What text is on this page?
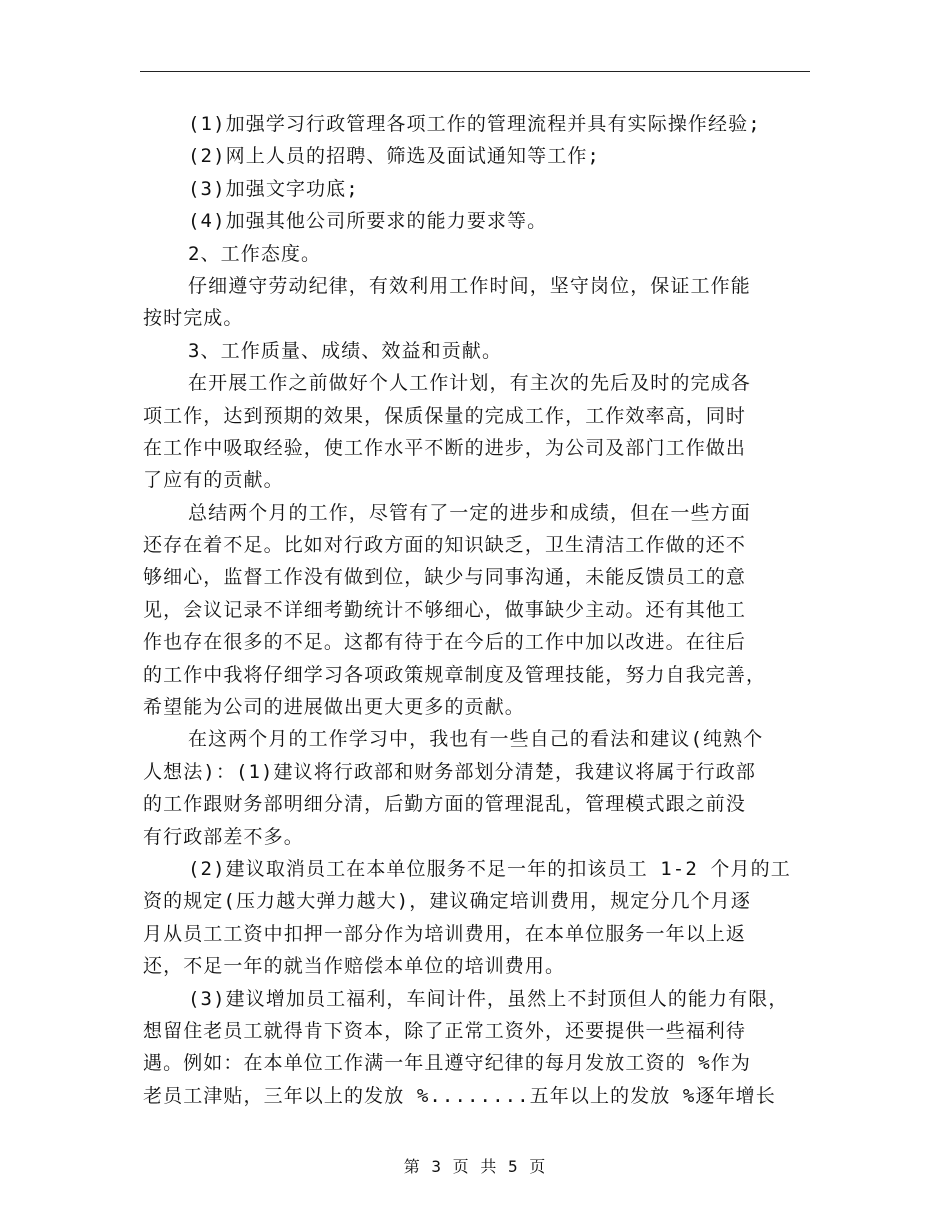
(1)加强学习行政管理各项工作的管理流程并具有实际操作经验;
(2)网上人员的招聘、筛选及面试通知等工作;
(3)加强文字功底;
(4)加强其他公司所要求的能力要求等。
2、工作态度。
仔细遵守劳动纪律，有效利用工作时间，坚守岗位，保证工作能
按时完成。
3、工作质量、成绩、效益和贡献。
在开展工作之前做好个人工作计划，有主次的先后及时的完成各
项工作，达到预期的效果，保质保量的完成工作，工作效率高，同时
在工作中吸取经验，使工作水平不断的进步，为公司及部门工作做出
了应有的贡献。
总结两个月的工作，尽管有了一定的进步和成绩，但在一些方面
还存在着不足。比如对行政方面的知识缺乏，卫生清洁工作做的还不
够细心，监督工作没有做到位，缺少与同事沟通，未能反馈员工的意
见，会议记录不详细考勤统计不够细心，做事缺少主动。还有其他工
作也存在很多的不足。这都有待于在今后的工作中加以改进。在往后
的工作中我将仔细学习各项政策规章制度及管理技能，努力自我完善，
希望能为公司的进展做出更大更多的贡献。
在这两个月的工作学习中，我也有一些自己的看法和建议(纯熟个
人想法)：(1)建议将行政部和财务部划分清楚，我建议将属于行政部
的工作跟财务部明细分清，后勤方面的管理混乱，管理模式跟之前没
有行政部差不多。
(2)建议取消员工在本单位服务不足一年的扣该员工 1-2 个月的工
资的规定(压力越大弹力越大)，建议确定培训费用，规定分几个月逐
月从员工工资中扣押一部分作为培训费用，在本单位服务一年以上返
还，不足一年的就当作赔偿本单位的培训费用。
(3)建议增加员工福利，车间计件，虽然上不封顶但人的能力有限，
想留住老员工就得肯下资本，除了正常工资外，还要提供一些福利待
遇。例如：在本单位工作满一年且遵守纪律的每月发放工资的 %作为
老员工津贴，三年以上的发放 %........五年以上的发放 %逐年增长
第 3 页 共 5 页
